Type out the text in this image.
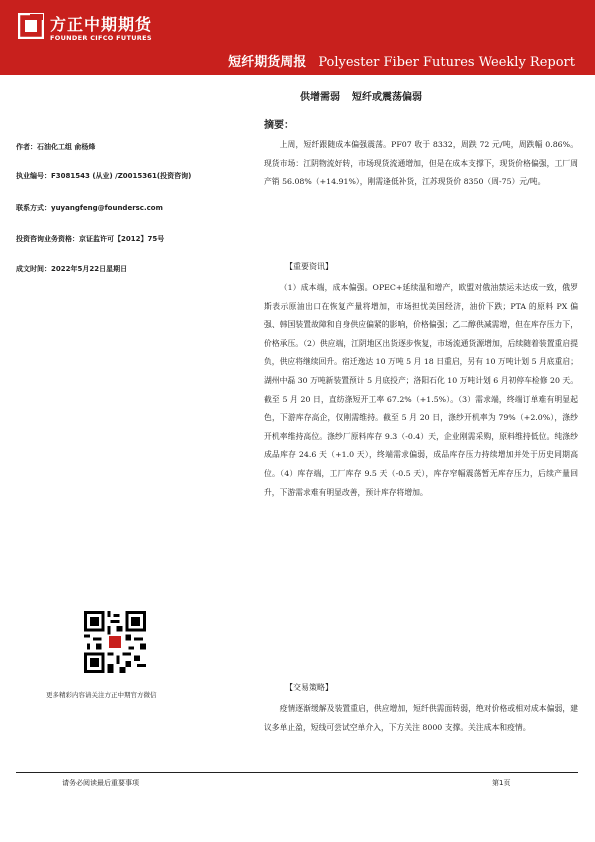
方正中期期货
FOUNDER CIFCO FUTURES
短纤期货周报 Polyester Fiber Futures Weekly Report
供增需弱 短纤或震荡偏弱
作者：石油化工组 俞杨烽
执业编号：F3081543 (从业) /Z0015361(投资咨询)
联系方式：yuyangfeng@foundersc.com
投资咨询业务资格：京证监许可【2012】75号
成文时间：2022年5月22日星期日
摘要：

上周，短纤跟随成本偏强震荡。PF07 收于 8332，周跌 72 元/吨，周跌幅 0.86%。现货市场：江阴物流好转，市场现货流通增加，但是在成本支撑下，现货价格偏强，工厂周产销 56.08%（+14.91%），刚需逢低补货，江苏现货价 8350（周-75）元/吨。

【重要资讯】

（1）成本端，成本偏强。OPEC+延续温和增产，欧盟对俄油禁运未达成一致，俄罗斯表示原油出口在恢复产量将增加，市场担忧美国经济，油价下跌；PTA 的原料 PX 偏强、韩国装置故障和自身供应偏紧的影响，价格偏强；乙二醇供减需增，但在库存压力下，价格承压。（2）供应端，江阴地区出货逐步恢复，市场流通货源增加，后续随着装置重启提负，供应将继续回升。宿迁逸达 10 万吨 5 月 18 日重启，另有 10 万吨计划 5 月底重启；湖州中磊 30 万吨新装置预计 5 月底投产；洛阳石化 10 万吨计划 6 月初停车检修 20 天。截至 5 月 20 日，直纺涤短开工率 67.2%（+1.5%）。（3）需求端，终端订单难有明显起色，下游库存高企，仅刚需维持。截至 5 月 20 日，涤纱开机率为 79%（+2.0%），涤纱开机率维持高位。涤纱厂原料库存 9.3（-0.4）天，企业刚需采购，原料维持低位。纯涤纱成品库存 24.6 天（+1.0 天），终端需求偏弱，成品库存压力持续增加并处于历史同期高位。（4）库存端，工厂库存 9.5 天（-0.5 天），库存窄幅震荡暂无库存压力，后续产量回升，下游需求难有明显改善，预计库存将增加。

【交易策略】

疫情逐渐缓解及装置重启，供应增加，短纤供需面转弱，绝对价格或相对成本偏弱，建议多单止盈，短线可尝试空单介入，下方关注 8000 支撑。关注成本和疫情。

更多精彩内容请关注方正中期官方微信
请务必阅读最后重要事项	第1页
